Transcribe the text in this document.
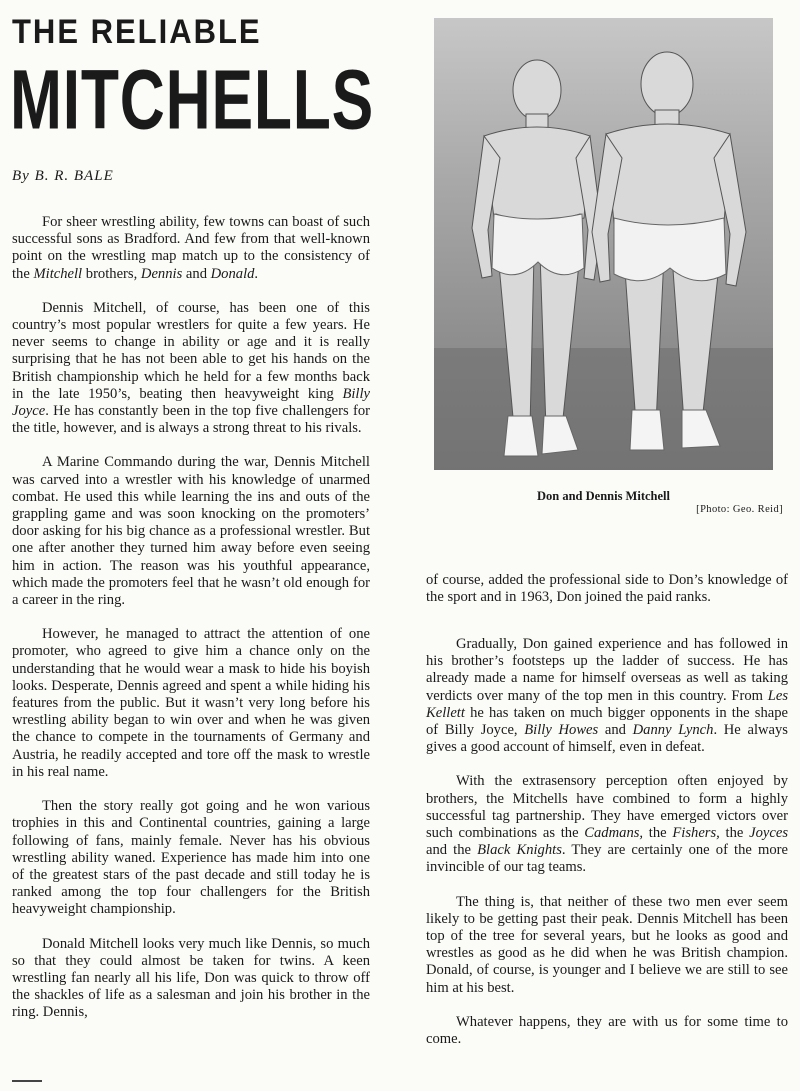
THE RELIABLE
MITCHELLS
By B. R. BALE

For sheer wrestling ability, few towns can boast of such successful sons as Bradford. And few from that well-known point on the wrestling map match up to the consistency of the Mitchell brothers, Dennis and Donald.

Dennis Mitchell, of course, has been one of this country’s most popular wrestlers for quite a few years. He never seems to change in ability or age and it is really surprising that he has not been able to get his hands on the British championship which he held for a few months back in the late 1950’s, beating then heavyweight king Billy Joyce. He has constantly been in the top five challengers for the title, however, and is always a strong threat to his rivals.

A Marine Commando during the war, Dennis Mitchell was carved into a wrestler with his knowledge of unarmed combat. He used this while learning the ins and outs of the grappling game and was soon knocking on the promoters’ door asking for his big chance as a professional wrestler. But one after another they turned him away before even seeing him in action. The reason was his youthful appearance, which made the promoters feel that he wasn’t old enough for a career in the ring.

However, he managed to attract the attention of one promoter, who agreed to give him a chance only on the understanding that he would wear a mask to hide his boyish looks. Desperate, Dennis agreed and spent a while hiding his features from the public. But it wasn’t very long before his wrestling ability began to win over and when he was given the chance to compete in the tournaments of Germany and Austria, he readily accepted and tore off the mask to wrestle in his real name.

Then the story really got going and he won various trophies in this and Continental countries, gaining a large following of fans, mainly female. Never has his obvious wrestling ability waned. Experience has made him into one of the greatest stars of the past decade and still today he is ranked among the top four challengers for the British heavyweight championship.

Donald Mitchell looks very much like Dennis, so much so that they could almost be taken for twins. A keen wrestling fan nearly all his life, Don was quick to throw off the shackles of life as a salesman and join his brother in the ring. Dennis,

Don and Dennis Mitchell
[Photo: Geo. Reid]

of course, added the professional side to Don’s knowledge of the sport and in 1963, Don joined the paid ranks.

Gradually, Don gained experience and has followed in his brother’s footsteps up the ladder of success. He has already made a name for himself overseas as well as taking verdicts over many of the top men in this country. From Les Kellett he has taken on much bigger opponents in the shape of Billy Joyce, Billy Howes and Danny Lynch. He always gives a good account of himself, even in defeat.

With the extrasensory perception often enjoyed by brothers, the Mitchells have combined to form a highly successful tag partnership. They have emerged victors over such combinations as the Cadmans, the Fishers, the Joyces and the Black Knights. They are certainly one of the more invincible of our tag teams.

The thing is, that neither of these two men ever seem likely to be getting past their peak. Dennis Mitchell has been top of the tree for several years, but he looks as good and wrestles as good as he did when he was British champion. Donald, of course, is younger and I believe we are still to see him at his best.

Whatever happens, they are with us for some time to come.
